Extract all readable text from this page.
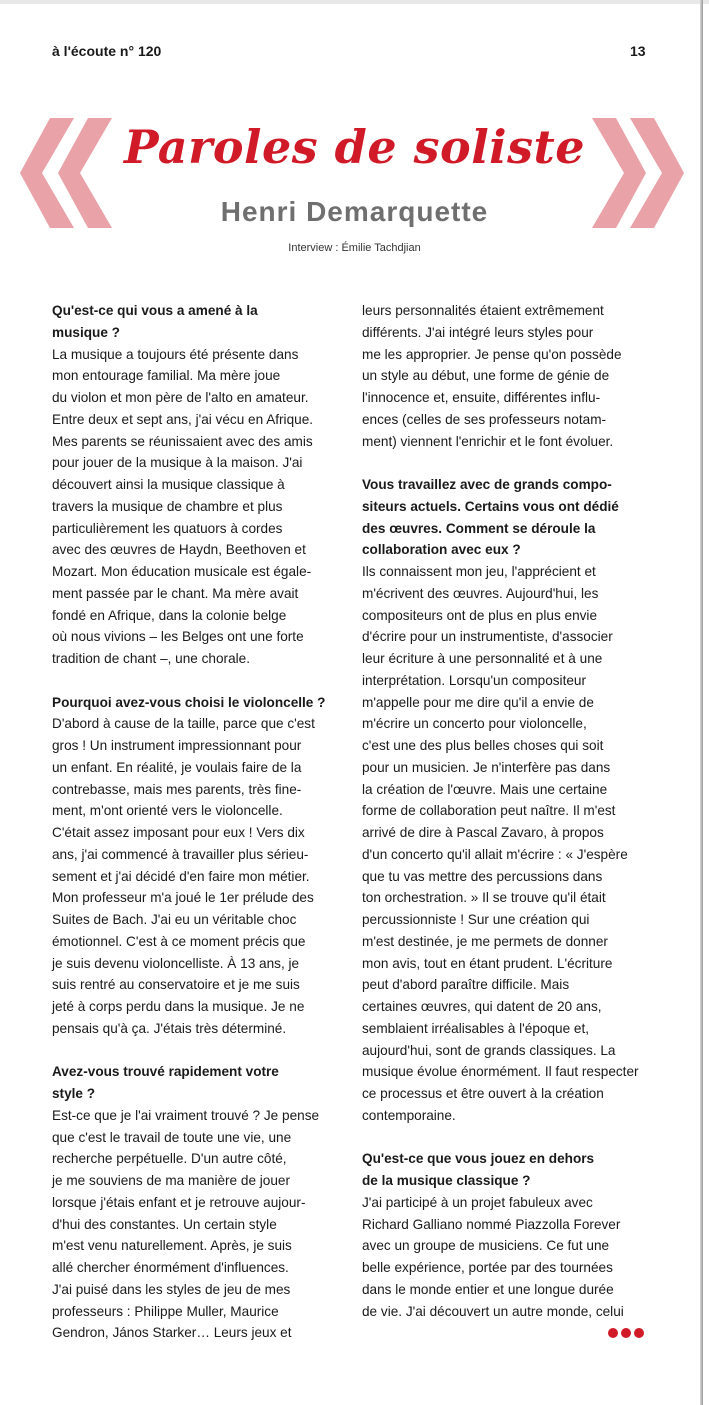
à l'écoute n° 120	13
Paroles de soliste
Henri Demarquette
Interview : Émilie Tachdjian

Qu'est-ce qui vous a amené à la

musique ?

La musique a toujours été présente dans

mon entourage familial. Ma mère joue

du violon et mon père de l'alto en amateur.

Entre deux et sept ans, j'ai vécu en Afrique.

Mes parents se réunissaient avec des amis

pour jouer de la musique à la maison. J'ai

découvert ainsi la musique classique à

travers la musique de chambre et plus

particulièrement les quatuors à cordes

avec des œuvres de Haydn, Beethoven et

Mozart. Mon éducation musicale est égale-

ment passée par le chant. Ma mère avait

fondé en Afrique, dans la colonie belge

où nous vivions – les Belges ont une forte

tradition de chant –, une chorale.

Pourquoi avez-vous choisi le violoncelle ?

D'abord à cause de la taille, parce que c'est

gros ! Un instrument impressionnant pour

un enfant. En réalité, je voulais faire de la

contrebasse, mais mes parents, très fine-

ment, m'ont orienté vers le violoncelle.

C'était assez imposant pour eux ! Vers dix

ans, j'ai commencé à travailler plus sérieu-

sement et j'ai décidé d'en faire mon métier.

Mon professeur m'a joué le 1er prélude des

Suites de Bach. J'ai eu un véritable choc

émotionnel. C'est à ce moment précis que

je suis devenu violoncelliste. À 13 ans, je

suis rentré au conservatoire et je me suis

jeté à corps perdu dans la musique. Je ne

pensais qu'à ça. J'étais très déterminé.

Avez-vous trouvé rapidement votre

style ?

Est-ce que je l'ai vraiment trouvé ? Je pense

que c'est le travail de toute une vie, une

recherche perpétuelle. D'un autre côté,

je me souviens de ma manière de jouer

lorsque j'étais enfant et je retrouve aujour-

d'hui des constantes. Un certain style

m'est venu naturellement. Après, je suis

allé chercher énormément d'influences.

J'ai puisé dans les styles de jeu de mes

professeurs : Philippe Muller, Maurice

Gendron, János Starker… Leurs jeux et

leurs personnalités étaient extrêmement

différents. J'ai intégré leurs styles pour

me les approprier. Je pense qu'on possède

un style au début, une forme de génie de

l'innocence et, ensuite, différentes influ-

ences (celles de ses professeurs notam-

ment) viennent l'enrichir et le font évoluer.

Vous travaillez avec de grands compo-

siteurs actuels. Certains vous ont dédié

des œuvres. Comment se déroule la

collaboration avec eux ?

Ils connaissent mon jeu, l'apprécient et

m'écrivent des œuvres. Aujourd'hui, les

compositeurs ont de plus en plus envie

d'écrire pour un instrumentiste, d'associer

leur écriture à une personnalité et à une

interprétation. Lorsqu'un compositeur

m'appelle pour me dire qu'il a envie de

m'écrire un concerto pour violoncelle,

c'est une des plus belles choses qui soit

pour un musicien. Je n'interfère pas dans

la création de l'œuvre. Mais une certaine

forme de collaboration peut naître. Il m'est

arrivé de dire à Pascal Zavaro, à propos

d'un concerto qu'il allait m'écrire : « J'espère

que tu vas mettre des percussions dans

ton orchestration. » Il se trouve qu'il était

percussionniste ! Sur une création qui

m'est destinée, je me permets de donner

mon avis, tout en étant prudent. L'écriture

peut d'abord paraître difficile. Mais

certaines œuvres, qui datent de 20 ans,

semblaient irréalisables à l'époque et,

aujourd'hui, sont de grands classiques. La

musique évolue énormément. Il faut respecter

ce processus et être ouvert à la création

contemporaine.

Qu'est-ce que vous jouez en dehors

de la musique classique ?

J'ai participé à un projet fabuleux avec

Richard Galliano nommé Piazzolla Forever

avec un groupe de musiciens. Ce fut une

belle expérience, portée par des tournées

dans le monde entier et une longue durée

de vie. J'ai découvert un autre monde, celui
